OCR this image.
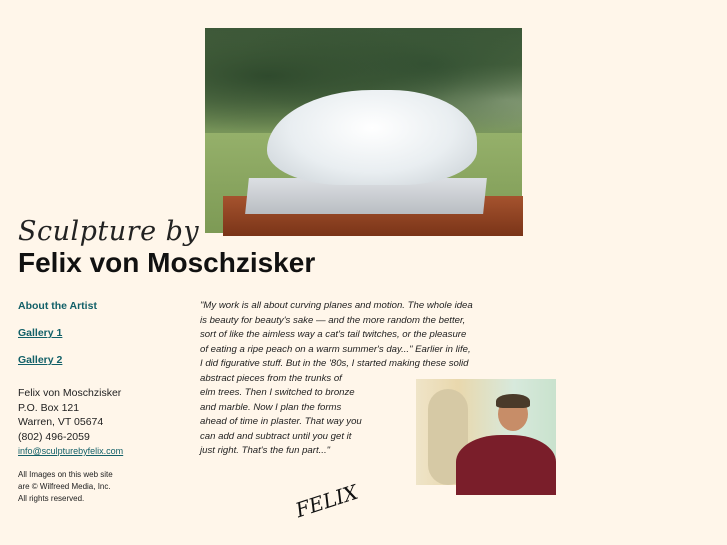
Sculpture by
Felix von Moschzisker
About the Artist
Gallery 1
Gallery 2
Felix von Moschzisker
P.O. Box 121
Warren, VT 05674
(802) 496-2059
info@sculpturebyfelix.com
All Images on this web site
are © Wilfreed Media, Inc.
All rights reserved.
"My work is all about curving planes and motion. The whole idea
is beauty for beauty's sake — and the more random the better,
sort of like the aimless way a cat's tail twitches, or the pleasure
of eating a ripe peach on a warm summer's day..." Earlier in life,
I did figurative stuff. But in the '80s, I started making these solid
abstract pieces from the trunks of
elm trees. Then I switched to bronze
and marble. Now I plan the forms
ahead of time in plaster. That way you
can add and subtract until you get it
just right. That's the fun part..."
FELIX
